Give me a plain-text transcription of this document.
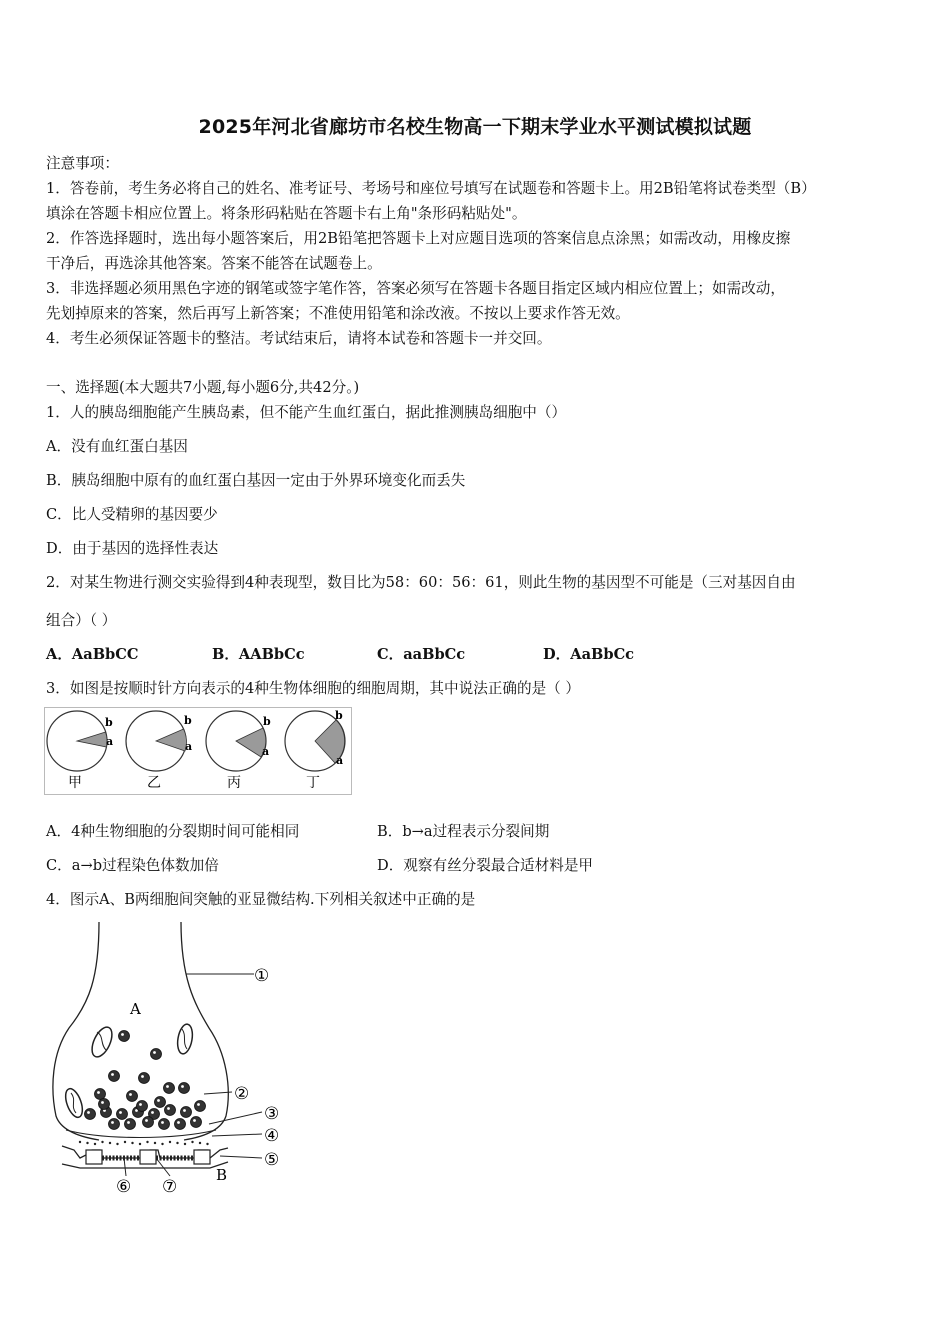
2025年河北省廊坊市名校生物高一下期末学业水平测试模拟试题
注意事项：
1．答卷前，考生务必将自己的姓名、准考证号、考场号和座位号填写在试题卷和答题卡上。用2B铅笔将试卷类型（B）
填涂在答题卡相应位置上。将条形码粘贴在答题卡右上角"条形码粘贴处"。
2．作答选择题时，选出每小题答案后，用2B铅笔把答题卡上对应题目选项的答案信息点涂黑；如需改动，用橡皮擦
干净后，再选涂其他答案。答案不能答在试题卷上。
3．非选择题必须用黑色字迹的钢笔或签字笔作答，答案必须写在答题卡各题目指定区域内相应位置上；如需改动，
先划掉原来的答案，然后再写上新答案；不准使用铅笔和涂改液。不按以上要求作答无效。
4．考生必须保证答题卡的整洁。考试结束后，请将本试卷和答题卡一并交回。
一、选择题(本大题共7小题,每小题6分,共42分。)
1．人的胰岛细胞能产生胰岛素，但不能产生血红蛋白，据此推测胰岛细胞中（）
A．没有血红蛋白基因
B．胰岛细胞中原有的血红蛋白基因一定由于外界环境变化而丢失
C．比人受精卵的基因要少
D．由于基因的选择性表达
2．对某生物进行测交实验得到4种表现型，数目比为58：60：56：61，则此生物的基因型不可能是（三对基因自由
组合）（ ）
A．AaBbCC	B．AABbCc	C．aaBbCc	D．AaBbCc
3．如图是按顺时针方向表示的4种生物体细胞的细胞周期，其中说法正确的是（ ）
b
a
甲
b
a
乙
b
a
丙
b
a
丁
A．4种生物细胞的分裂期时间可能相同	B．b→a过程表示分裂间期
C．a→b过程染色体数加倍	D．观察有丝分裂最合适材料是甲
4．图示A、B两细胞间突触的亚显微结构.下列相关叙述中正确的是
A
B
①
②
③
④
⑤
⑥ ⑦
